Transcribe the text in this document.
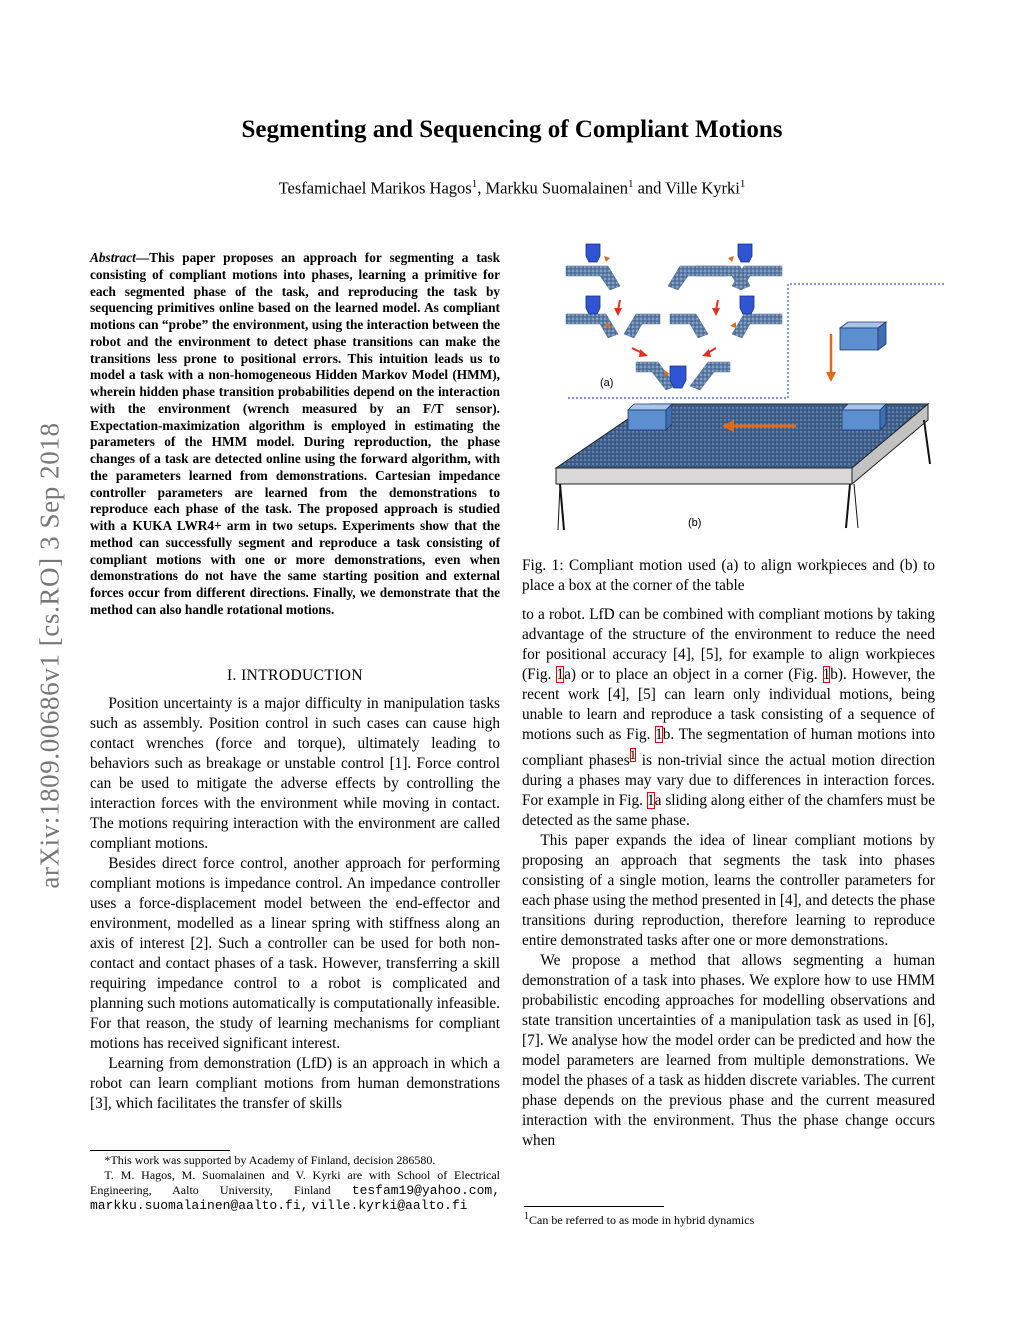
Segmenting and Sequencing of Compliant Motions
Tesfamichael Marikos Hagos$^1$, Markku Suomalainen$^1$ and Ville Kyrki$^1$
arXiv:1809.00686v1 [cs.RO] 3 Sep 2018
Abstract—This paper proposes an approach for segmenting a task consisting of compliant motions into phases, learning a primitive for each segmented phase of the task, and reproducing the task by sequencing primitives online based on the learned model. As compliant motions can “probe” the environment, using the interaction between the robot and the environment to detect phase transitions can make the transitions less prone to positional errors. This intuition leads us to model a task with a non-homogeneous Hidden Markov Model (HMM), wherein hidden phase transition probabilities depend on the interaction with the environment (wrench measured by an F/T sensor). Expectation-maximization algorithm is employed in estimating the parameters of the HMM model. During reproduction, the phase changes of a task are detected online using the forward algorithm, with the parameters learned from demonstrations. Cartesian impedance controller parameters are learned from the demonstrations to reproduce each phase of the task. The proposed approach is studied with a KUKA LWR4+ arm in two setups. Experiments show that the method can successfully segment and reproduce a task consisting of compliant motions with one or more demonstrations, even when demonstrations do not have the same starting position and external forces occur from different directions. Finally, we demonstrate that the method can also handle rotational motions.
I. INTRODUCTION

Position uncertainty is a major difficulty in manipulation tasks such as assembly. Position control in such cases can cause high contact wrenches (force and torque), ultimately leading to behaviors such as breakage or unstable control [1]. Force control can be used to mitigate the adverse effects by controlling the interaction forces with the environment while moving in contact. The motions requiring interaction with the environment are called compliant motions.

Besides direct force control, another approach for performing compliant motions is impedance control. An impedance controller uses a force-displacement model between the end-effector and environment, modelled as a linear spring with stiffness along an axis of interest [2]. Such a controller can be used for both non-contact and contact phases of a task. However, transferring a skill requiring impedance control to a robot is complicated and planning such motions automatically is computationally infeasible. For that reason, the study of learning mechanisms for compliant motions has received significant interest.

Learning from demonstration (LfD) is an approach in which a robot can learn compliant motions from human demonstrations [3], which facilitates the transfer of skills

*This work was supported by Academy of Finland, decision 286580.

T. M. Hagos, M. Suomalainen and V. Kyrki are with School of Electrical Engineering, Aalto University, Finland tesfam19@yahoo.com, markku.suomalainen@aalto.fi, ville.kyrki@aalto.fi

(a)
(b)
Fig. 1: Compliant motion used (a) to align workpieces and (b) to place a box at the corner of the table

to a robot. LfD can be combined with compliant motions by taking advantage of the structure of the environment to reduce the need for positional accuracy [4], [5], for example to align workpieces (Fig. 1a) or to place an object in a corner (Fig. 1b). However, the recent work [4], [5] can learn only individual motions, being unable to learn and reproduce a task consisting of a sequence of motions such as Fig. 1b. The segmentation of human motions into compliant phases$^1$ is non-trivial since the actual motion direction during a phases may vary due to differences in interaction forces. For example in Fig. 1a sliding along either of the chamfers must be detected as the same phase.

This paper expands the idea of linear compliant motions by proposing an approach that segments the task into phases consisting of a single motion, learns the controller parameters for each phase using the method presented in [4], and detects the phase transitions during reproduction, therefore learning to reproduce entire demonstrated tasks after one or more demonstrations.

We propose a method that allows segmenting a human demonstration of a task into phases. We explore how to use HMM probabilistic encoding approaches for modelling observations and state transition uncertainties of a manipulation task as used in [6], [7]. We analyse how the model order can be predicted and how the model parameters are learned from multiple demonstrations. We model the phases of a task as hidden discrete variables. The current phase depends on the previous phase and the current measured interaction with the environment. Thus the phase change occurs when

$^1$Can be referred to as mode in hybrid dynamics
